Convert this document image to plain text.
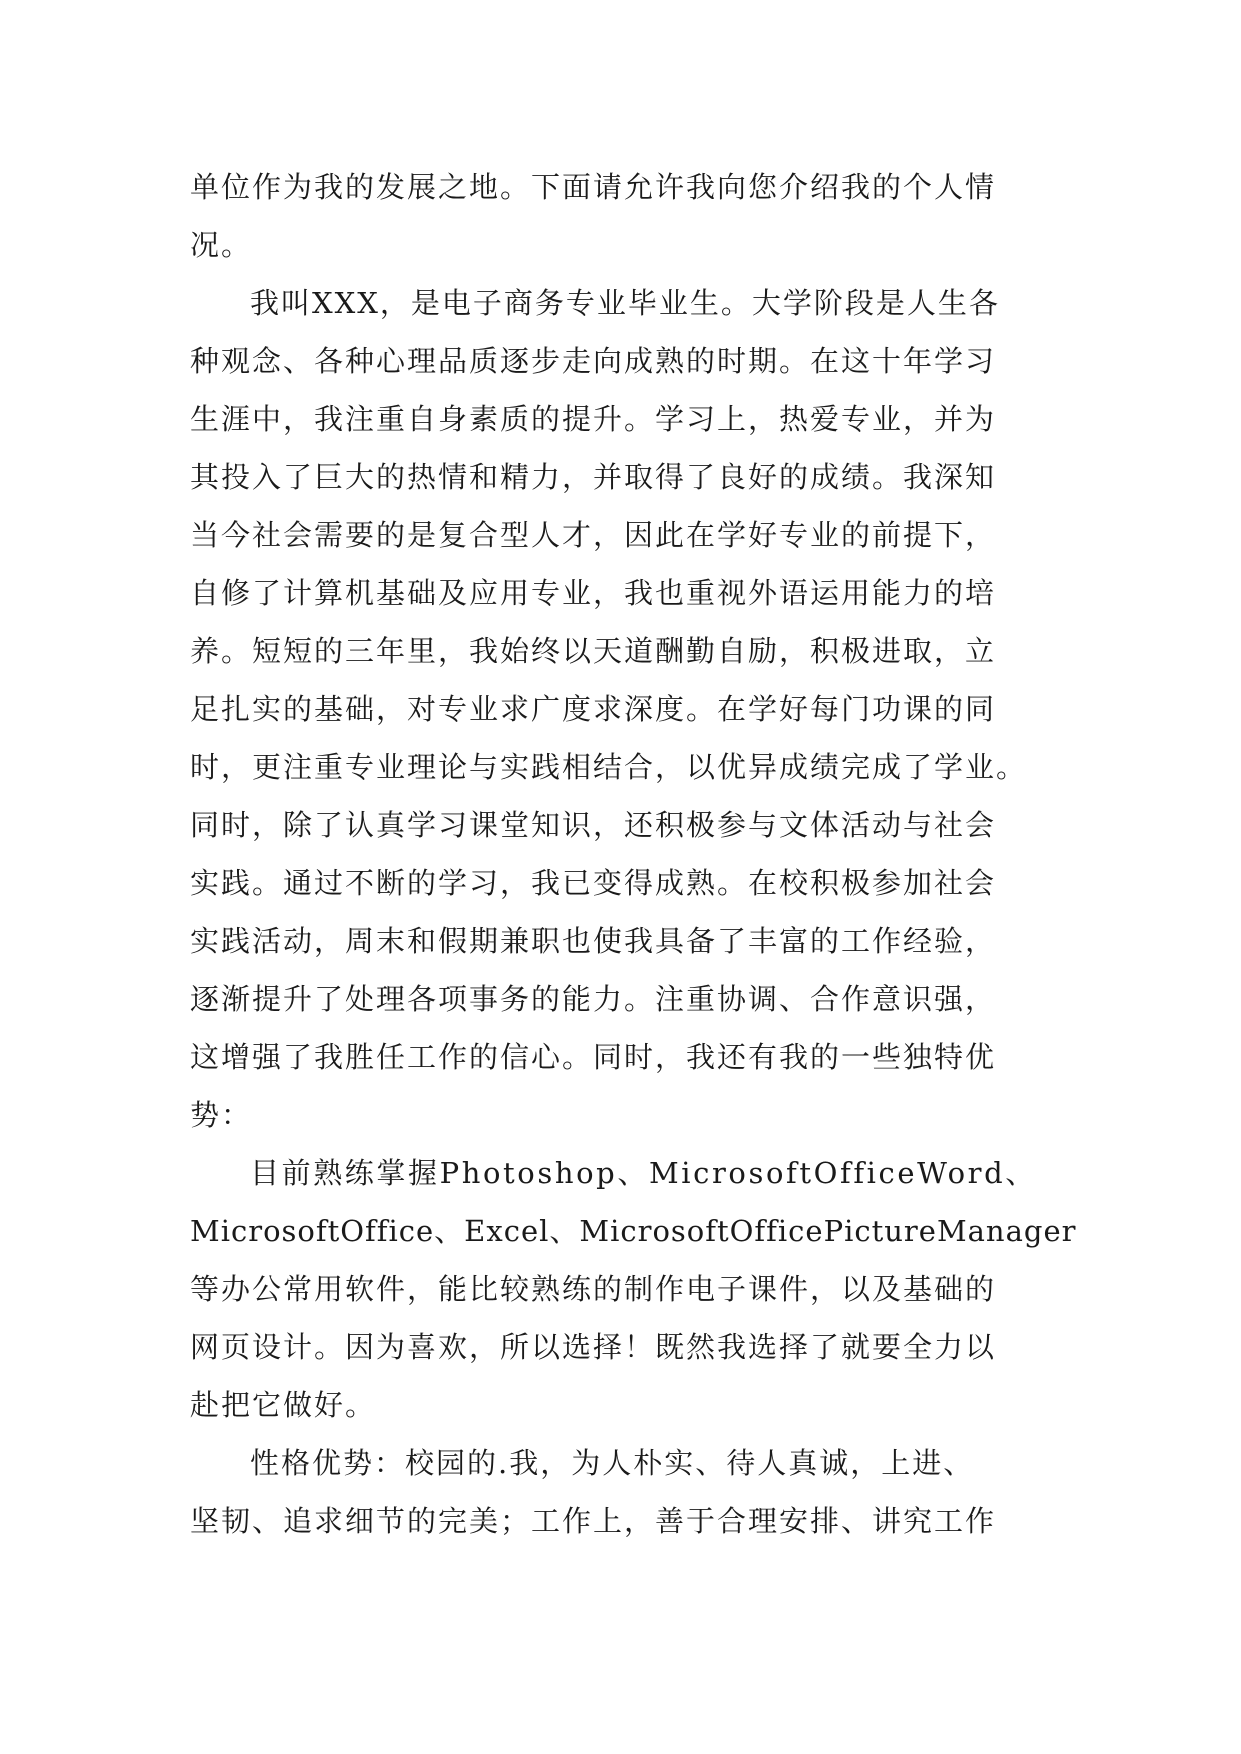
单位作为我的发展之地。下面请允许我向您介绍我的个人情
况。
我叫XXX，是电子商务专业毕业生。大学阶段是人生各
种观念、各种心理品质逐步走向成熟的时期。在这十年学习
生涯中，我注重自身素质的提升。学习上，热爱专业，并为
其投入了巨大的热情和精力，并取得了良好的成绩。我深知
当今社会需要的是复合型人才，因此在学好专业的前提下，
自修了计算机基础及应用专业，我也重视外语运用能力的培
养。短短的三年里，我始终以天道酬勤自励，积极进取，立
足扎实的基础，对专业求广度求深度。在学好每门功课的同
时，更注重专业理论与实践相结合，以优异成绩完成了学业。
同时，除了认真学习课堂知识，还积极参与文体活动与社会
实践。通过不断的学习，我已变得成熟。在校积极参加社会
实践活动，周末和假期兼职也使我具备了丰富的工作经验，
逐渐提升了处理各项事务的能力。注重协调、合作意识强，
这增强了我胜任工作的信心。同时，我还有我的一些独特优
势：
目前熟练掌握Photoshop、MicrosoftOfficeWord、
MicrosoftOffice、Excel、MicrosoftOfficePictureManager
等办公常用软件，能比较熟练的制作电子课件，以及基础的
网页设计。因为喜欢，所以选择！既然我选择了就要全力以
赴把它做好。
性格优势：校园的.我，为人朴实、待人真诚，上进、
坚韧、追求细节的完美；工作上，善于合理安排、讲究工作
